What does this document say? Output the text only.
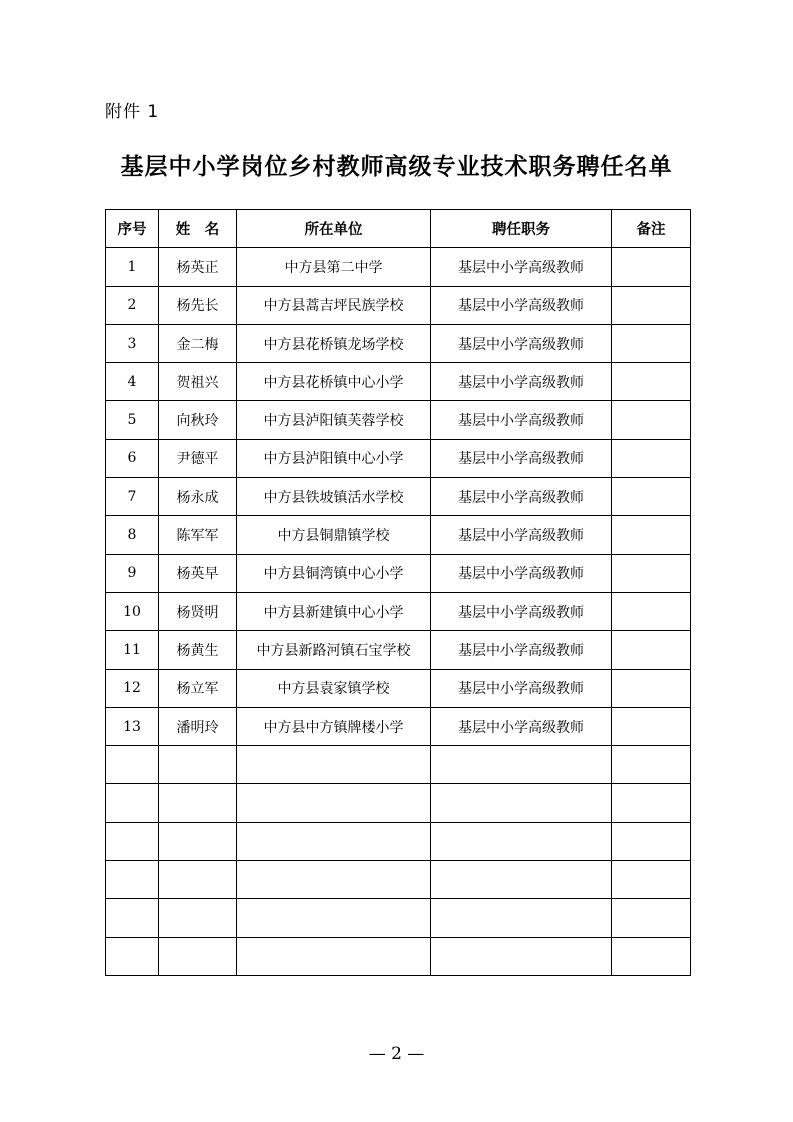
附件 1
基层中小学岗位乡村教师高级专业技术职务聘任名单
序号	姓　名	所在单位	聘任职务	备注
1	杨英正	中方县第二中学	基层中小学高级教师	
2	杨先长	中方县蒿吉坪民族学校	基层中小学高级教师	
3	金二梅	中方县花桥镇龙场学校	基层中小学高级教师	
4	贺祖兴	中方县花桥镇中心小学	基层中小学高级教师	
5	向秋玲	中方县泸阳镇芙蓉学校	基层中小学高级教师	
6	尹德平	中方县泸阳镇中心小学	基层中小学高级教师	
7	杨永成	中方县铁坡镇活水学校	基层中小学高级教师	
8	陈军军	中方县铜鼎镇学校	基层中小学高级教师	
9	杨英早	中方县铜湾镇中心小学	基层中小学高级教师	
10	杨贤明	中方县新建镇中心小学	基层中小学高级教师	
11	杨黄生	中方县新路河镇石宝学校	基层中小学高级教师	
12	杨立军	中方县袁家镇学校	基层中小学高级教师	
13	潘明玲	中方县中方镇牌楼小学	基层中小学高级教师	

— 2 —
